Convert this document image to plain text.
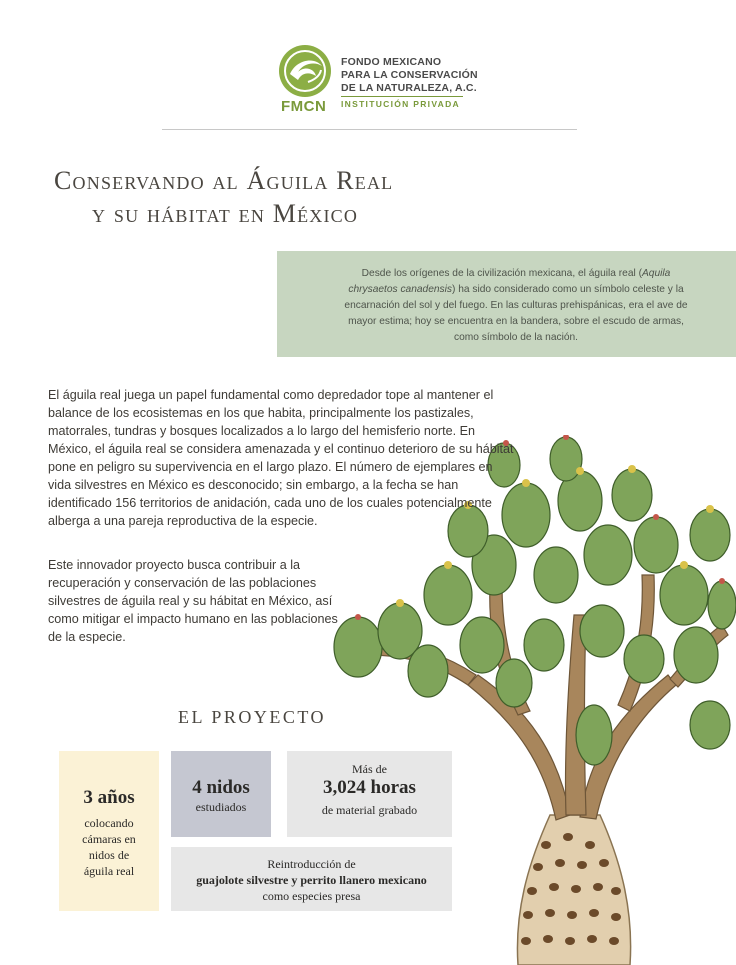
FMCN
FONDO MEXICANO
PARA LA CONSERVACIÓN
DE LA NATURALEZA, A.C.
INSTITUCIÓN PRIVADA
Conservando al Águila Real
y su hábitat en México
Desde los orígenes de la civilización mexicana, el águila real (Aquila chrysaetos canadensis) ha sido considerado como un símbolo celeste y la encarnación del sol y del fuego. En las culturas prehispánicas, era el ave de mayor estima; hoy se encuentra en la bandera, sobre el escudo de armas, como símbolo de la nación.
El águila real juega un papel fundamental como depredador tope al mantener el balance de los ecosistemas en los que habita, principalmente los pastizales, matorrales, tundras y bosques localizados a lo largo del hemisferio norte. En México, el águila real se considera amenazada y el continuo deterioro de su hábitat pone en peligro su supervivencia en el largo plazo. El número de ejemplares en vida silvestres en México es desconocido; sin embargo, a la fecha se han identificado 156 territorios de anidación, cada uno de los cuales potencialmente alberga a una pareja reproductiva de la especie.
Este innovador proyecto busca contribuir a la recuperación y conservación de las poblaciones silvestres de águila real y su hábitat en México, así como mitigar el impacto humano en las poblaciones de la especie.
EL PROYECTO
3 años
colocando
cámaras en
nidos de
águila real
4 nidos
estudiados
Más de
3,024 horas
de material grabado
Reintroducción de
guajolote silvestre y perrito llanero mexicano
como especies presa
